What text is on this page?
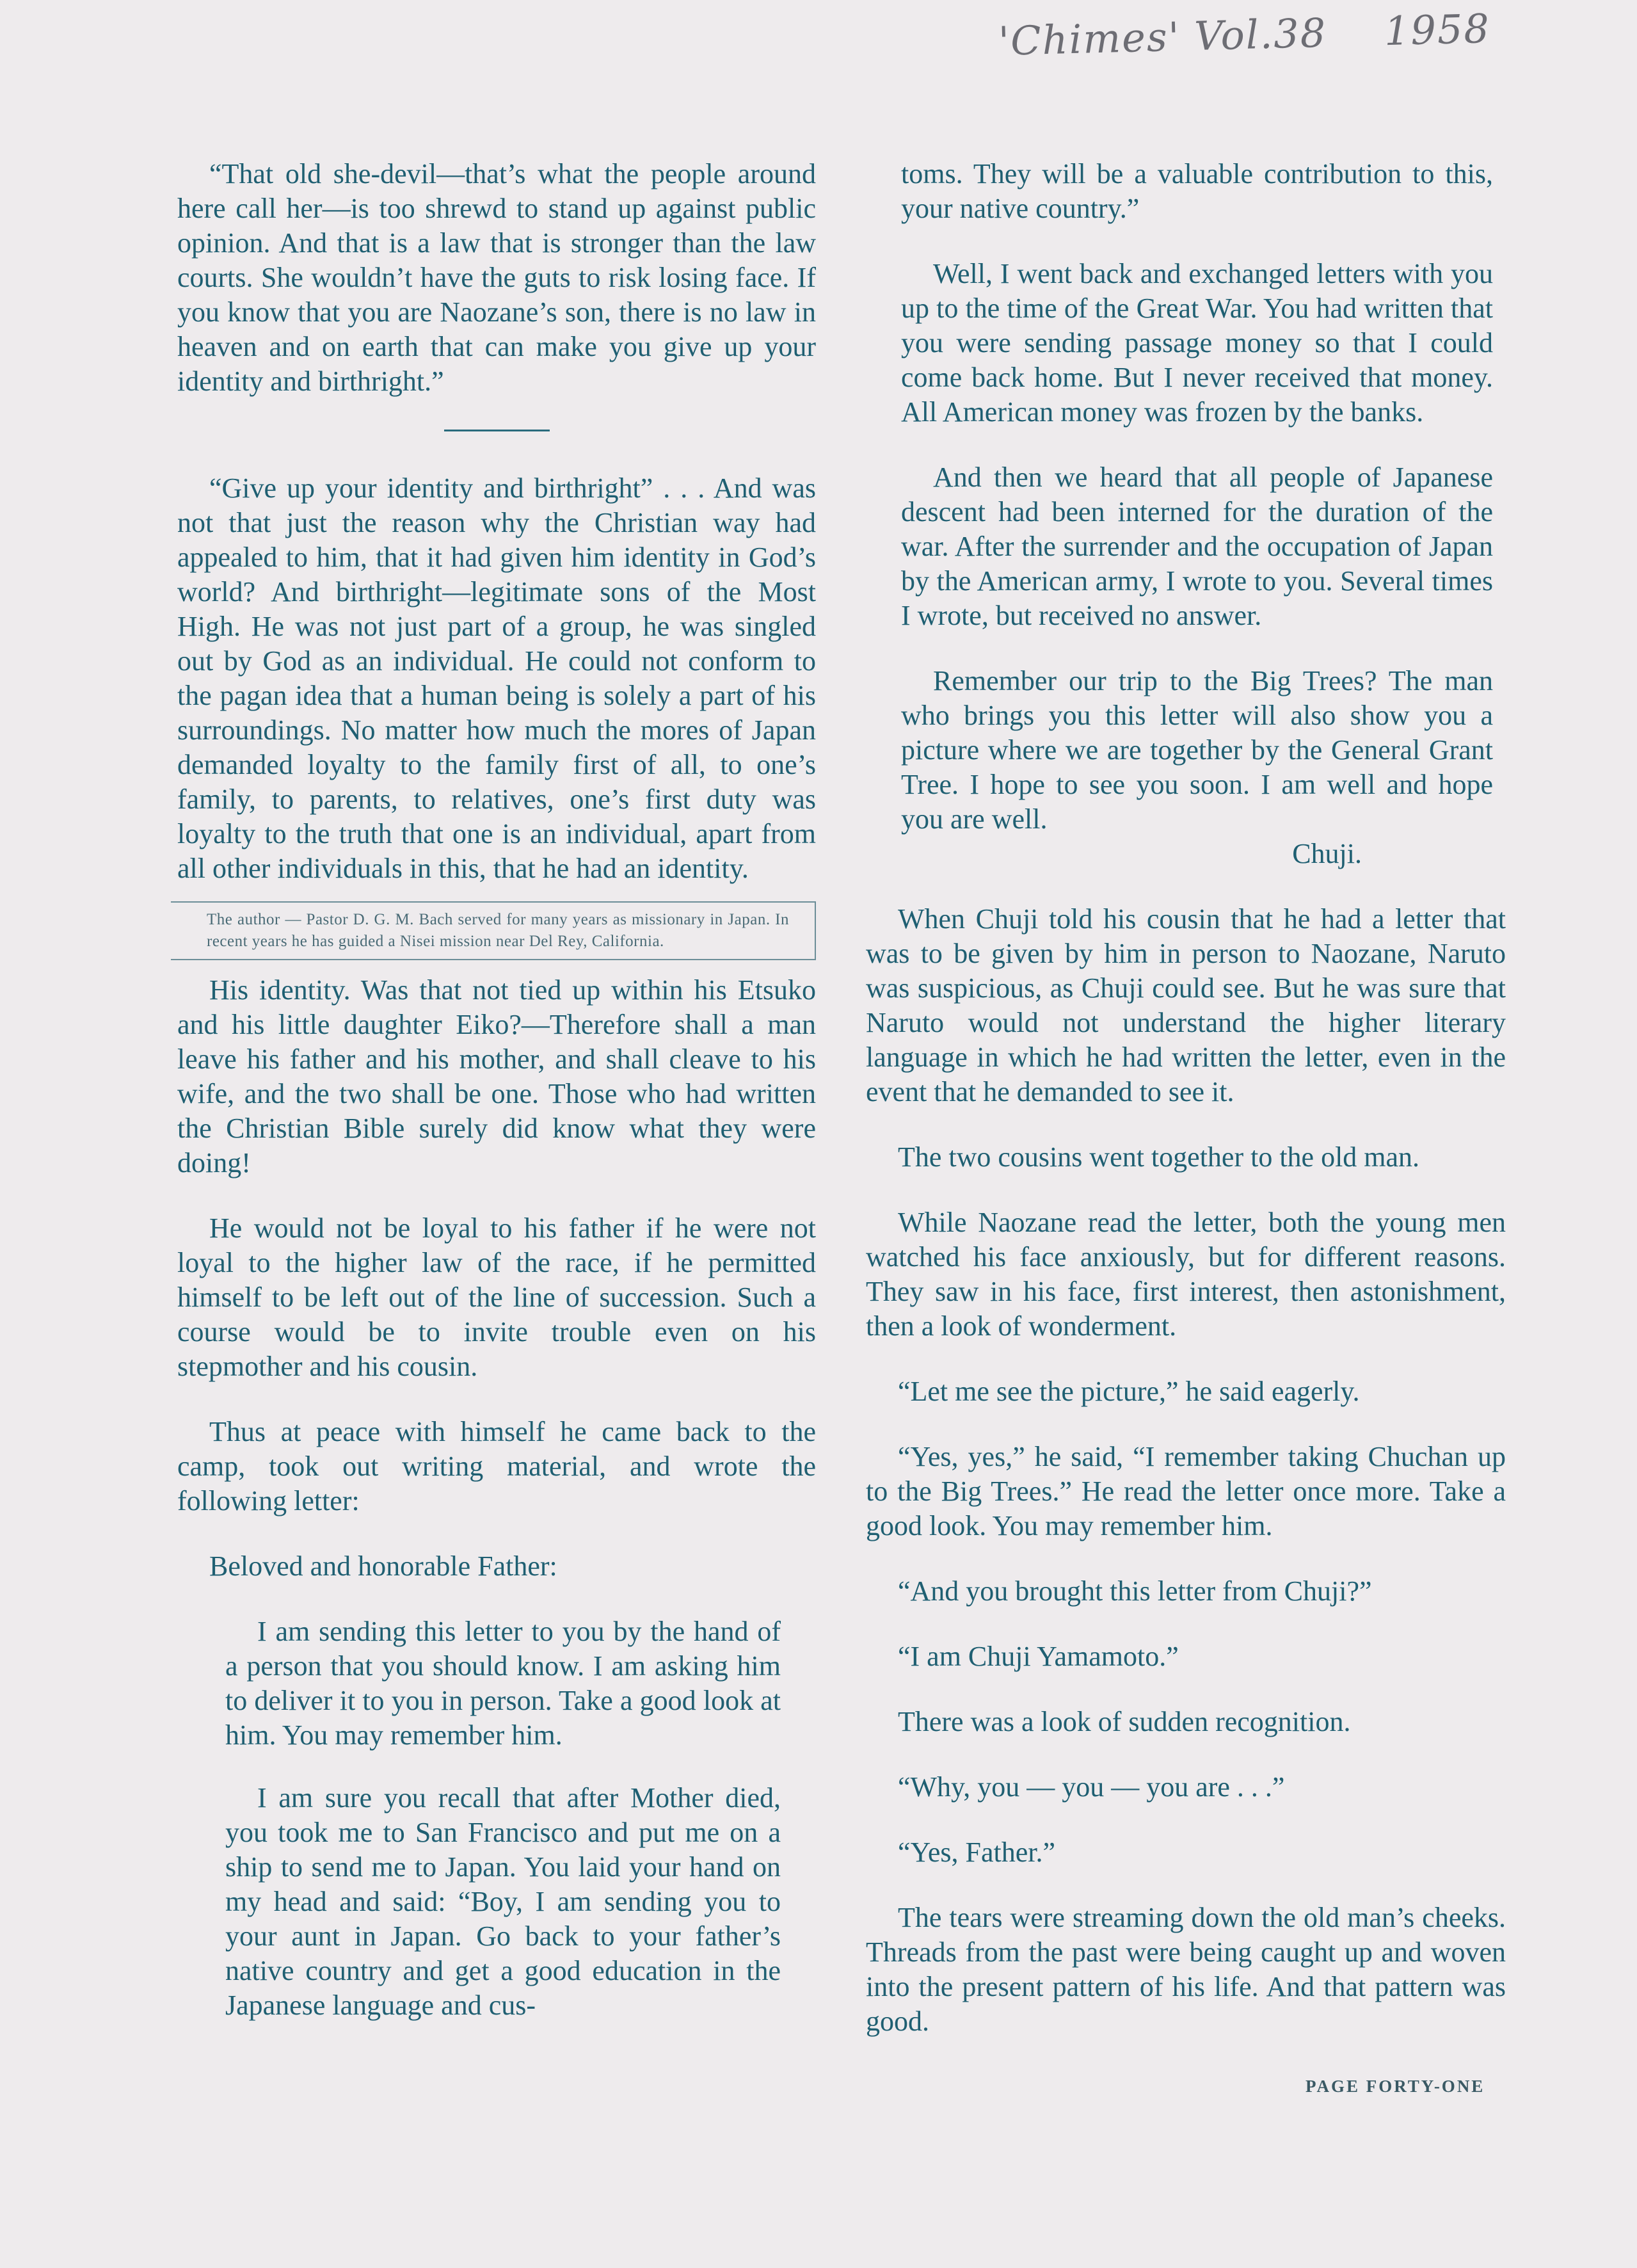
'Chimes' Vol.38 1958

“That old she-devil—that’s what the people around here call her—is too shrewd to stand up against public opinion. And that is a law that is stronger than the law courts. She wouldn’t have the guts to risk losing face. If you know that you are Naozane’s son, there is no law in heaven and on earth that can make you give up your identity and birthright.”

“Give up your identity and birthright” . . . And was not that just the reason why the Christian way had appealed to him, that it had given him identity in God’s world? And birthright—legitimate sons of the Most High. He was not just part of a group, he was singled out by God as an individual. He could not conform to the pagan idea that a human being is solely a part of his surroundings. No matter how much the mores of Japan demanded loyalty to the family first of all, to one’s family, to parents, to relatives, one’s first duty was loyalty to the truth that one is an individual, apart from all other individuals in this, that he had an identity.

The author — Pastor D. G. M. Bach served for many years as missionary in Japan. In recent years he has guided a Nisei mission near Del Rey, California.

His identity. Was that not tied up within his Etsuko and his little daughter Eiko?—Therefore shall a man leave his father and his mother, and shall cleave to his wife, and the two shall be one. Those who had written the Christian Bible surely did know what they were doing!

He would not be loyal to his father if he were not loyal to the higher law of the race, if he permitted himself to be left out of the line of succession. Such a course would be to invite trouble even on his stepmother and his cousin.

Thus at peace with himself he came back to the camp, took out writing material, and wrote the following letter:

Beloved and honorable Father:

I am sending this letter to you by the hand of a person that you should know. I am asking him to deliver it to you in person. Take a good look at him. You may remember him.

I am sure you recall that after Mother died, you took me to San Francisco and put me on a ship to send me to Japan. You laid your hand on my head and said: “Boy, I am sending you to your aunt in Japan. Go back to your father’s native country and get a good education in the Japanese language and cus-

toms. They will be a valuable contribution to this, your native country.”

Well, I went back and exchanged letters with you up to the time of the Great War. You had written that you were sending passage money so that I could come back home. But I never received that money. All American money was frozen by the banks.

And then we heard that all people of Japanese descent had been interned for the duration of the war. After the surrender and the occupation of Japan by the American army, I wrote to you. Several times I wrote, but received no answer.

Remember our trip to the Big Trees? The man who brings you this letter will also show you a picture where we are together by the General Grant Tree. I hope to see you soon. I am well and hope you are well.

Chuji.

When Chuji told his cousin that he had a letter that was to be given by him in person to Naozane, Naruto was suspicious, as Chuji could see. But he was sure that Naruto would not understand the higher literary language in which he had written the letter, even in the event that he demanded to see it.

The two cousins went together to the old man.

While Naozane read the letter, both the young men watched his face anxiously, but for different reasons. They saw in his face, first interest, then astonishment, then a look of wonderment.

“Let me see the picture,” he said eagerly.

“Yes, yes,” he said, “I remember taking Chuchan up to the Big Trees.” He read the letter once more. Take a good look. You may remember him.

“And you brought this letter from Chuji?”

“I am Chuji Yamamoto.”

There was a look of sudden recognition.

“Why, you — you — you are . . .”

“Yes, Father.”

The tears were streaming down the old man’s cheeks. Threads from the past were being caught up and woven into the present pattern of his life. And that pattern was good.

PAGE FORTY-ONE
